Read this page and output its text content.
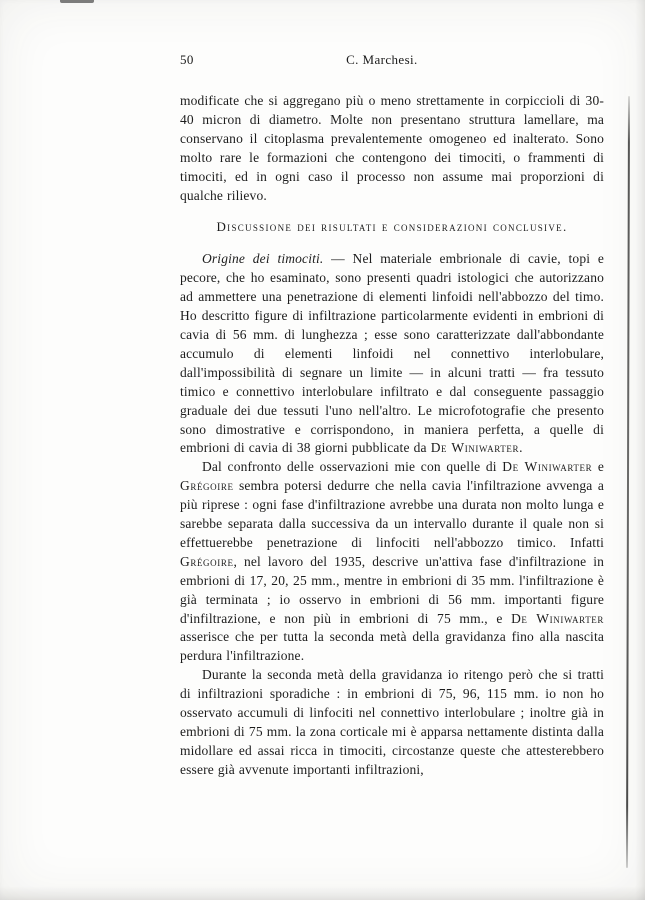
50	C. Marchesi.

modificate che si aggregano più o meno strettamente in corpiccioli di 30-40 micron di diametro. Molte non presentano struttura lamellare, ma conservano il citoplasma prevalentemente omogeneo ed inalterato. Sono molto rare le formazioni che contengono dei timociti, o frammenti di timociti, ed in ogni caso il processo non assume mai proporzioni di qualche rilievo.

Discussione dei risultati e considerazioni conclusive.

Origine dei timociti. — Nel materiale embrionale di cavie, topi e pecore, che ho esaminato, sono presenti quadri istologici che autorizzano ad ammettere una penetrazione di elementi linfoidi nell'abbozzo del timo. Ho descritto figure di infiltrazione particolarmente evidenti in embrioni di cavia di 56 mm. di lunghezza ; esse sono caratterizzate dall'abbondante accumulo di elementi linfoidi nel connettivo interlobulare, dall'impossibilità di segnare un limite — in alcuni tratti — fra tessuto timico e connettivo interlobulare infiltrato e dal conseguente passaggio graduale dei due tessuti l'uno nell'altro. Le microfotografie che presento sono dimostrative e corrispondono, in maniera perfetta, a quelle di embrioni di cavia di 38 giorni pubblicate da De Winiwarter.

Dal confronto delle osservazioni mie con quelle di De Winiwarter e Grégoire sembra potersi dedurre che nella cavia l'infiltrazione avvenga a più riprese : ogni fase d'infiltrazione avrebbe una durata non molto lunga e sarebbe separata dalla successiva da un intervallo durante il quale non si effettuerebbe penetrazione di linfociti nell'abbozzo timico. Infatti Grégoire, nel lavoro del 1935, descrive un'attiva fase d'infiltrazione in embrioni di 17, 20, 25 mm., mentre in embrioni di 35 mm. l'infiltrazione è già terminata ; io osservo in embrioni di 56 mm. importanti figure d'infiltrazione, e non più in embrioni di 75 mm., e De Winiwarter asserisce che per tutta la seconda metà della gravidanza fino alla nascita perdura l'infiltrazione.

Durante la seconda metà della gravidanza io ritengo però che si tratti di infiltrazioni sporadiche : in embrioni di 75, 96, 115 mm. io non ho osservato accumuli di linfociti nel connettivo interlobulare ; inoltre già in embrioni di 75 mm. la zona corticale mi è apparsa nettamente distinta dalla midollare ed assai ricca in timociti, circostanze queste che attesterebbero essere già avvenute importanti infiltrazioni,
